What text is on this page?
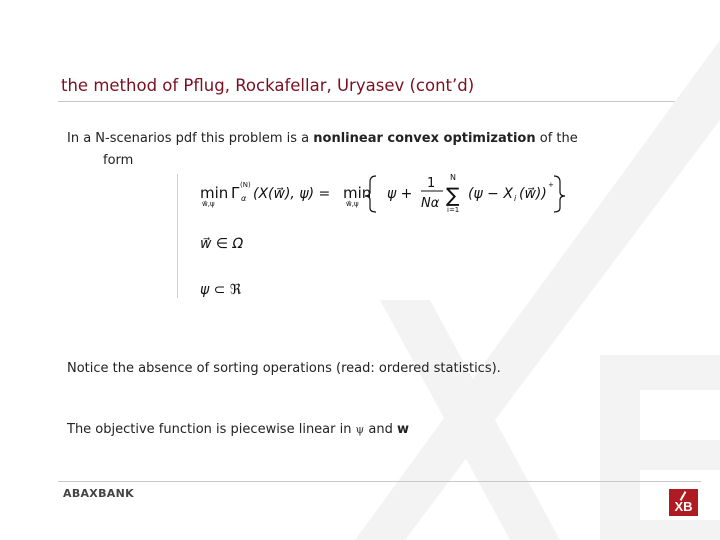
the method of Pflug, Rockafellar, Uryasev (cont’d)
In a N-scenarios pdf this problem is a nonlinear convex optimization of the
form
min
w⃗,ψ
Γ (N)
α (X(w⃗), ψ) = min
w⃗,ψ
ψ +
1
Nα
N
∑
i=1
(ψ − X i (w⃗))
+
w⃗ ∈ Ω
ψ ⊂ ℜ
Notice the absence of sorting operations (read: ordered statistics).
The objective function is piecewise linear in ψ and w
ABAXBANK
XB
